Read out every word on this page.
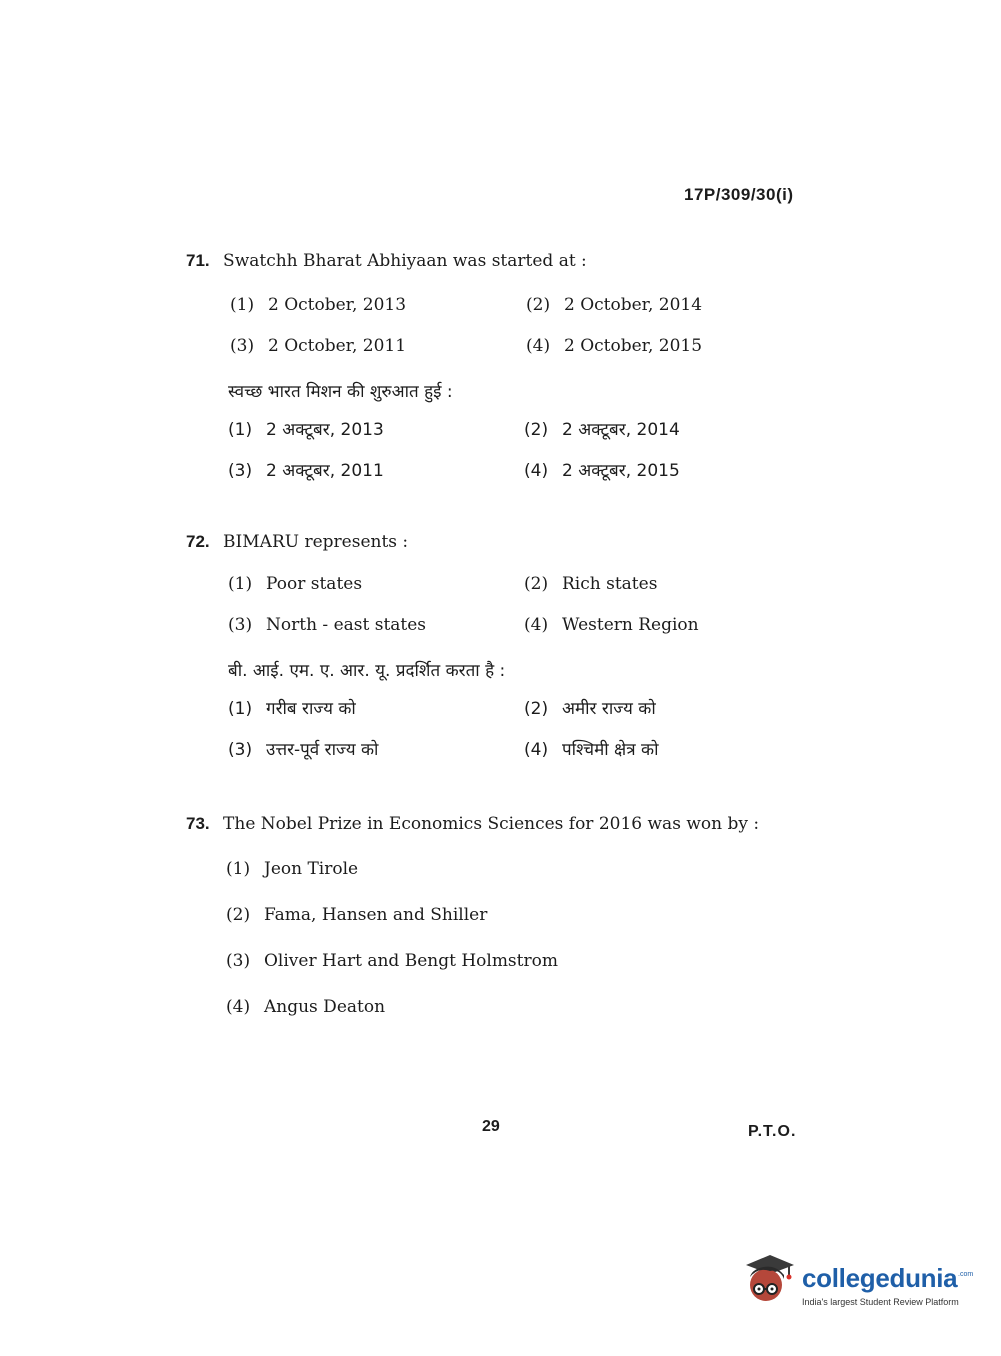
17P/309/30(i)
71. Swatchh Bharat Abhiyaan was started at :
(1) 2 October, 2013	(2) 2 October, 2014
(3) 2 October, 2011	(4) 2 October, 2015
स्वच्छ भारत मिशन की शुरुआत हुई :
(1) 2 अक्टूबर, 2013	(2) 2 अक्टूबर, 2014
(3) 2 अक्टूबर, 2011	(4) 2 अक्टूबर, 2015
72. BIMARU represents :
(1) Poor states	(2) Rich states
(3) North - east states	(4) Western Region
बी. आई. एम. ए. आर. यू. प्रदर्शित करता है :
(1) गरीब राज्य को	(2) अमीर राज्य को
(3) उत्तर-पूर्व राज्य को	(4) पश्चिमी क्षेत्र को
73. The Nobel Prize in Economics Sciences for 2016 was won by :
(1) Jeon Tirole
(2) Fama, Hansen and Shiller
(3) Oliver Hart and Bengt Holmstrom
(4) Angus Deaton
29	P.T.O.
collegedunia .com
India's largest Student Review Platform
